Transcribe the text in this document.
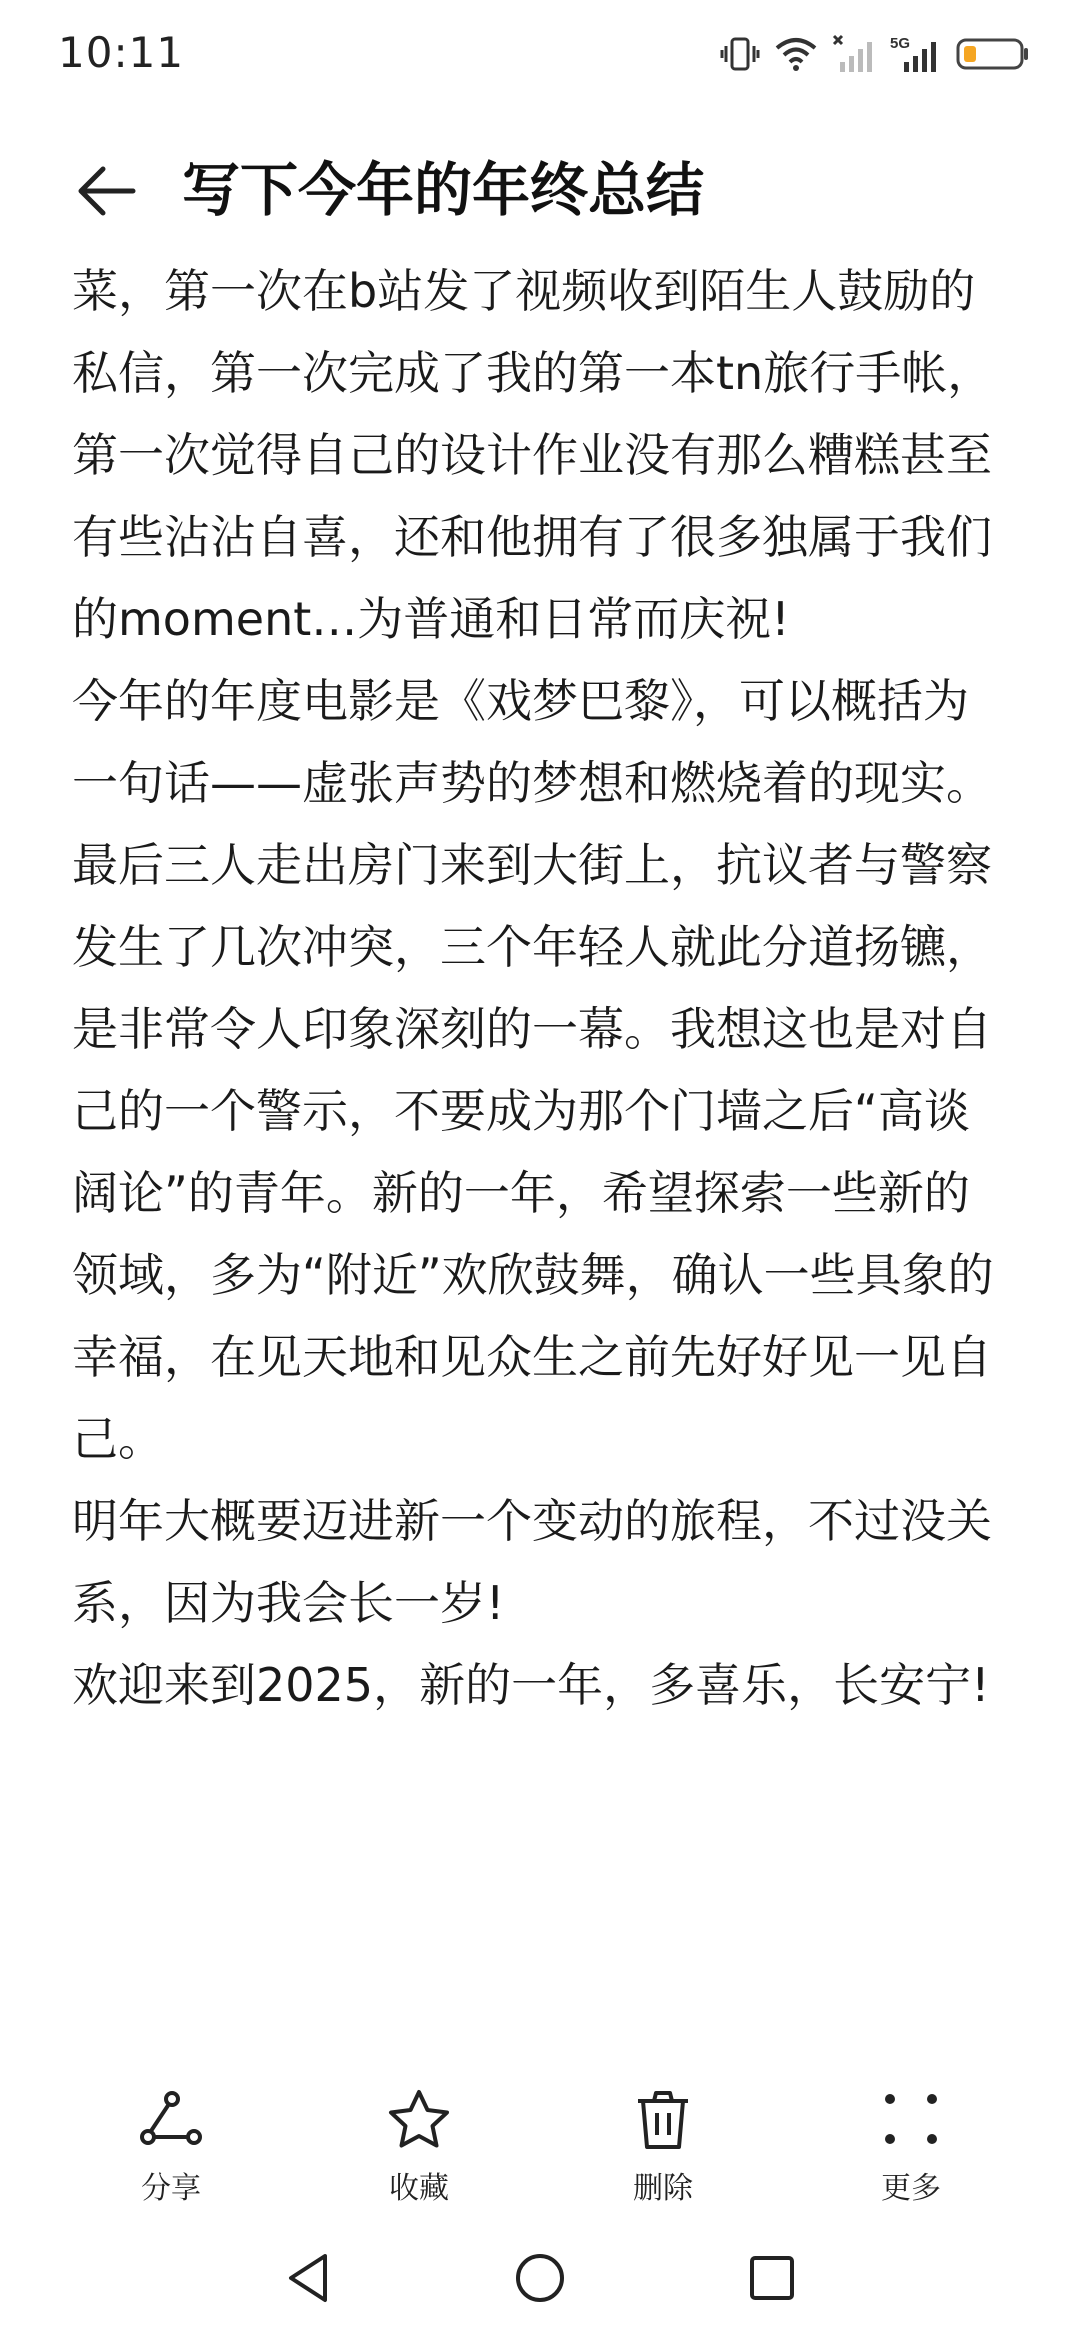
10:11	5G
写下今年的年终总结

菜，第一次在b站发了视频收到陌生人鼓励的私信，第一次完成了我的第一本tn旅行手帐，第一次觉得自己的设计作业没有那么糟糕甚至有些沾沾自喜，还和他拥有了很多独属于我们的moment…为普通和日常而庆祝!

今年的年度电影是《戏梦巴黎》，可以概括为一句话——虚张声势的梦想和燃烧着的现实。最后三人走出房门来到大街上，抗议者与警察发生了几次冲突，三个年轻人就此分道扬镳，是非常令人印象深刻的一幕。我想这也是对自己的一个警示，不要成为那个门墙之后“高谈阔论”的青年。新的一年，希望探索一些新的领域，多为“附近”欢欣鼓舞，确认一些具象的幸福，在见天地和见众生之前先好好见一见自己。

明年大概要迈进新一个变动的旅程，不过没关系，因为我会长一岁!

欢迎来到2025，新的一年，多喜乐，长安宁!

分享	收藏	删除	更多
